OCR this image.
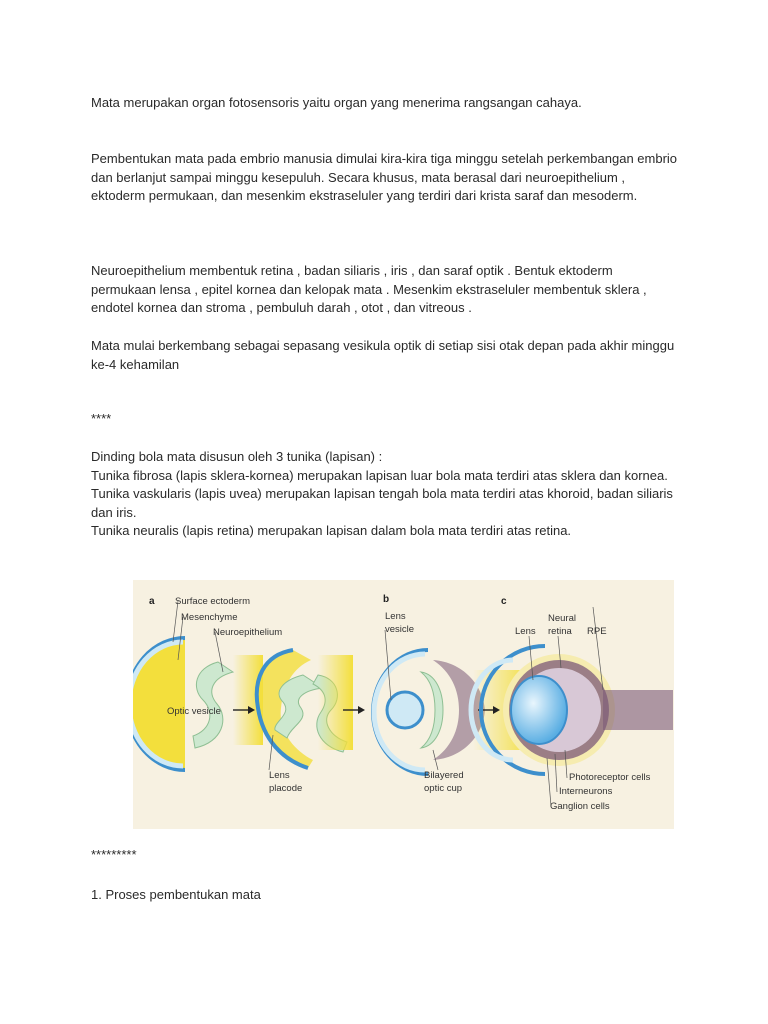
Mata merupakan organ fotosensoris yaitu organ yang menerima rangsangan cahaya.

Pembentukan mata pada embrio manusia dimulai kira-kira tiga minggu setelah perkembangan embrio dan berlanjut sampai minggu kesepuluh. Secara khusus, mata berasal dari neuroepithelium , ektoderm permukaan, dan mesenkim ekstraseluler yang terdiri dari krista saraf dan mesoderm.

Neuroepithelium membentuk retina , badan siliaris , iris , dan saraf optik . Bentuk ektoderm permukaan lensa , epitel kornea dan kelopak mata . Mesenkim ekstraseluler membentuk sklera , endotel kornea dan stroma , pembuluh darah , otot , dan vitreous .

Mata mulai berkembang sebagai sepasang vesikula optik di setiap sisi otak depan pada akhir minggu ke-4 kehamilan

****

Dinding bola mata disusun oleh 3 tunika (lapisan) :

Tunika fibrosa (lapis sklera-kornea) merupakan lapisan luar bola mata terdiri atas sklera dan kornea.

Tunika vaskularis (lapis uvea) merupakan lapisan tengah bola mata terdiri atas khoroid, badan siliaris dan iris.

Tunika neuralis (lapis retina) merupakan lapisan dalam bola mata terdiri atas retina.

a	b	c
Surface ectoderm
Mesenchyme
Neuroepithelium
Optic vesicle
Lens
placode
Lens
vesicle
Bilayered
optic cup
Lens
Neural
retina RPE
Photoreceptor cells
Interneurons
Ganglion cells

*********

1. Proses pembentukan mata
